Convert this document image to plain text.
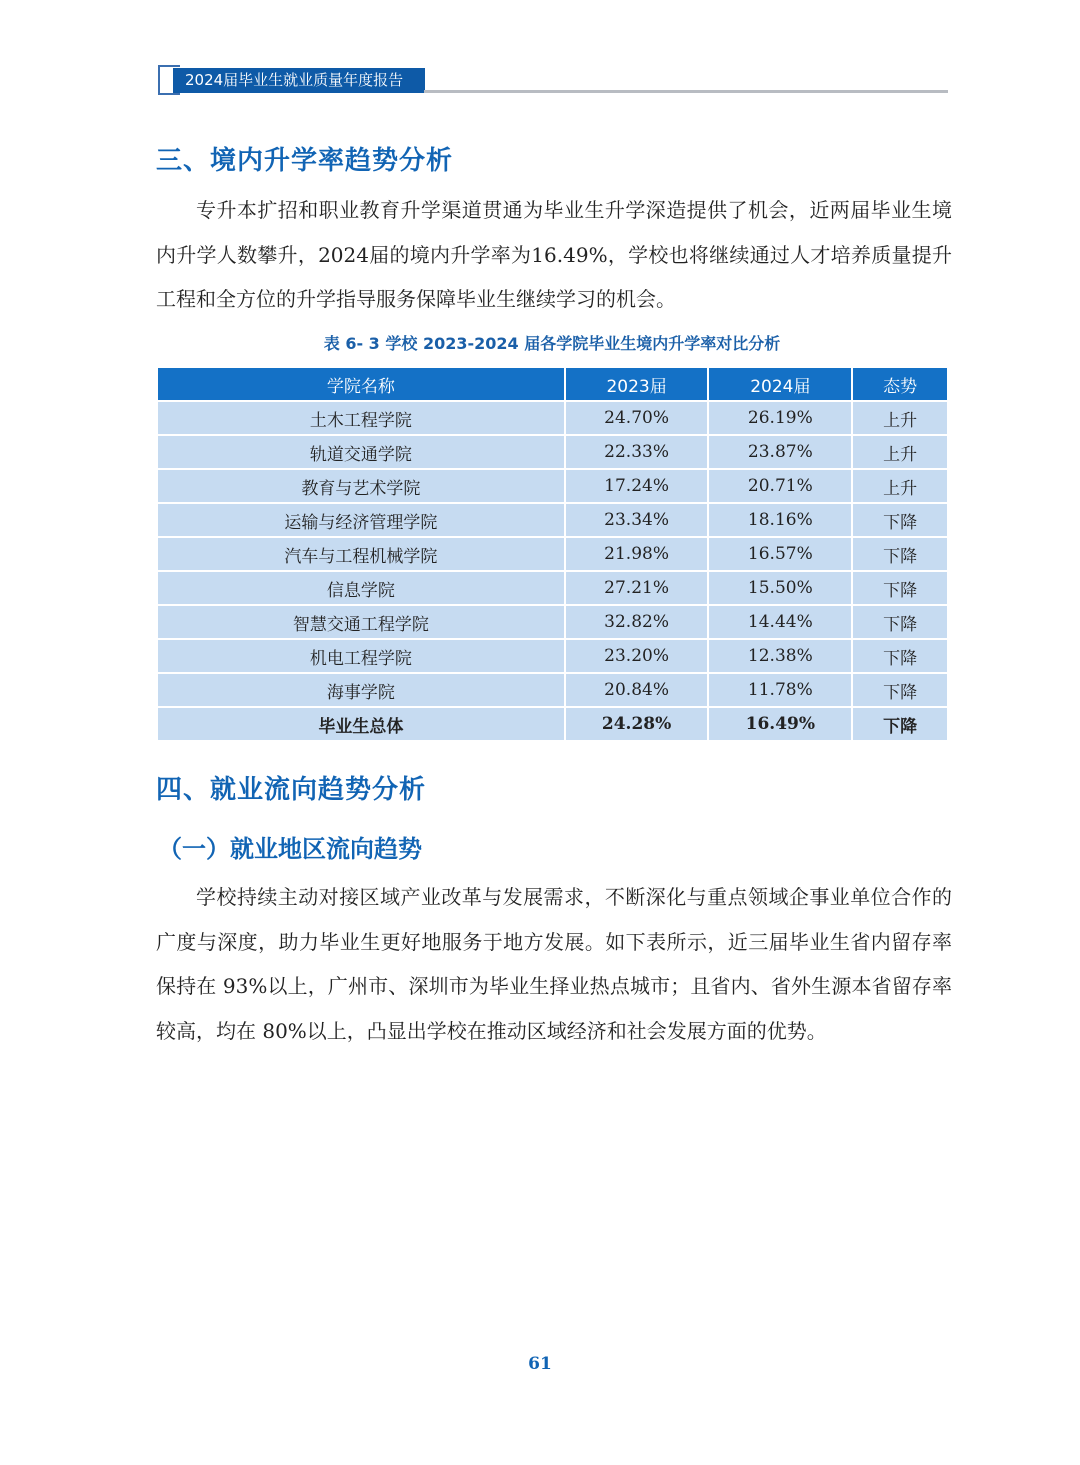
2024届毕业生就业质量年度报告
三、境内升学率趋势分析

专升本扩招和职业教育升学渠道贯通为毕业生升学深造提供了机会，近两届毕业生境内升学人数攀升，2024届的境内升学率为16.49%，学校也将继续通过人才培养质量提升工程和全方位的升学指导服务保障毕业生继续学习的机会。

表 6- 3 学校 2023-2024 届各学院毕业生境内升学率对比分析
学院名称	2023届	2024届	态势
土木工程学院	24.70%	26.19%	上升
轨道交通学院	22.33%	23.87%	上升
教育与艺术学院	17.24%	20.71%	上升
运输与经济管理学院	23.34%	18.16%	下降
汽车与工程机械学院	21.98%	16.57%	下降
信息学院	27.21%	15.50%	下降
智慧交通工程学院	32.82%	14.44%	下降
机电工程学院	23.20%	12.38%	下降
海事学院	20.84%	11.78%	下降
毕业生总体	24.28%	16.49%	下降
四、就业流向趋势分析
（一）就业地区流向趋势

学校持续主动对接区域产业改革与发展需求，不断深化与重点领域企事业单位合作的广度与深度，助力毕业生更好地服务于地方发展。如下表所示，近三届毕业生省内留存率保持在 93%以上，广州市、深圳市为毕业生择业热点城市；且省内、省外生源本省留存率较高，均在 80%以上，凸显出学校在推动区域经济和社会发展方面的优势。

61
